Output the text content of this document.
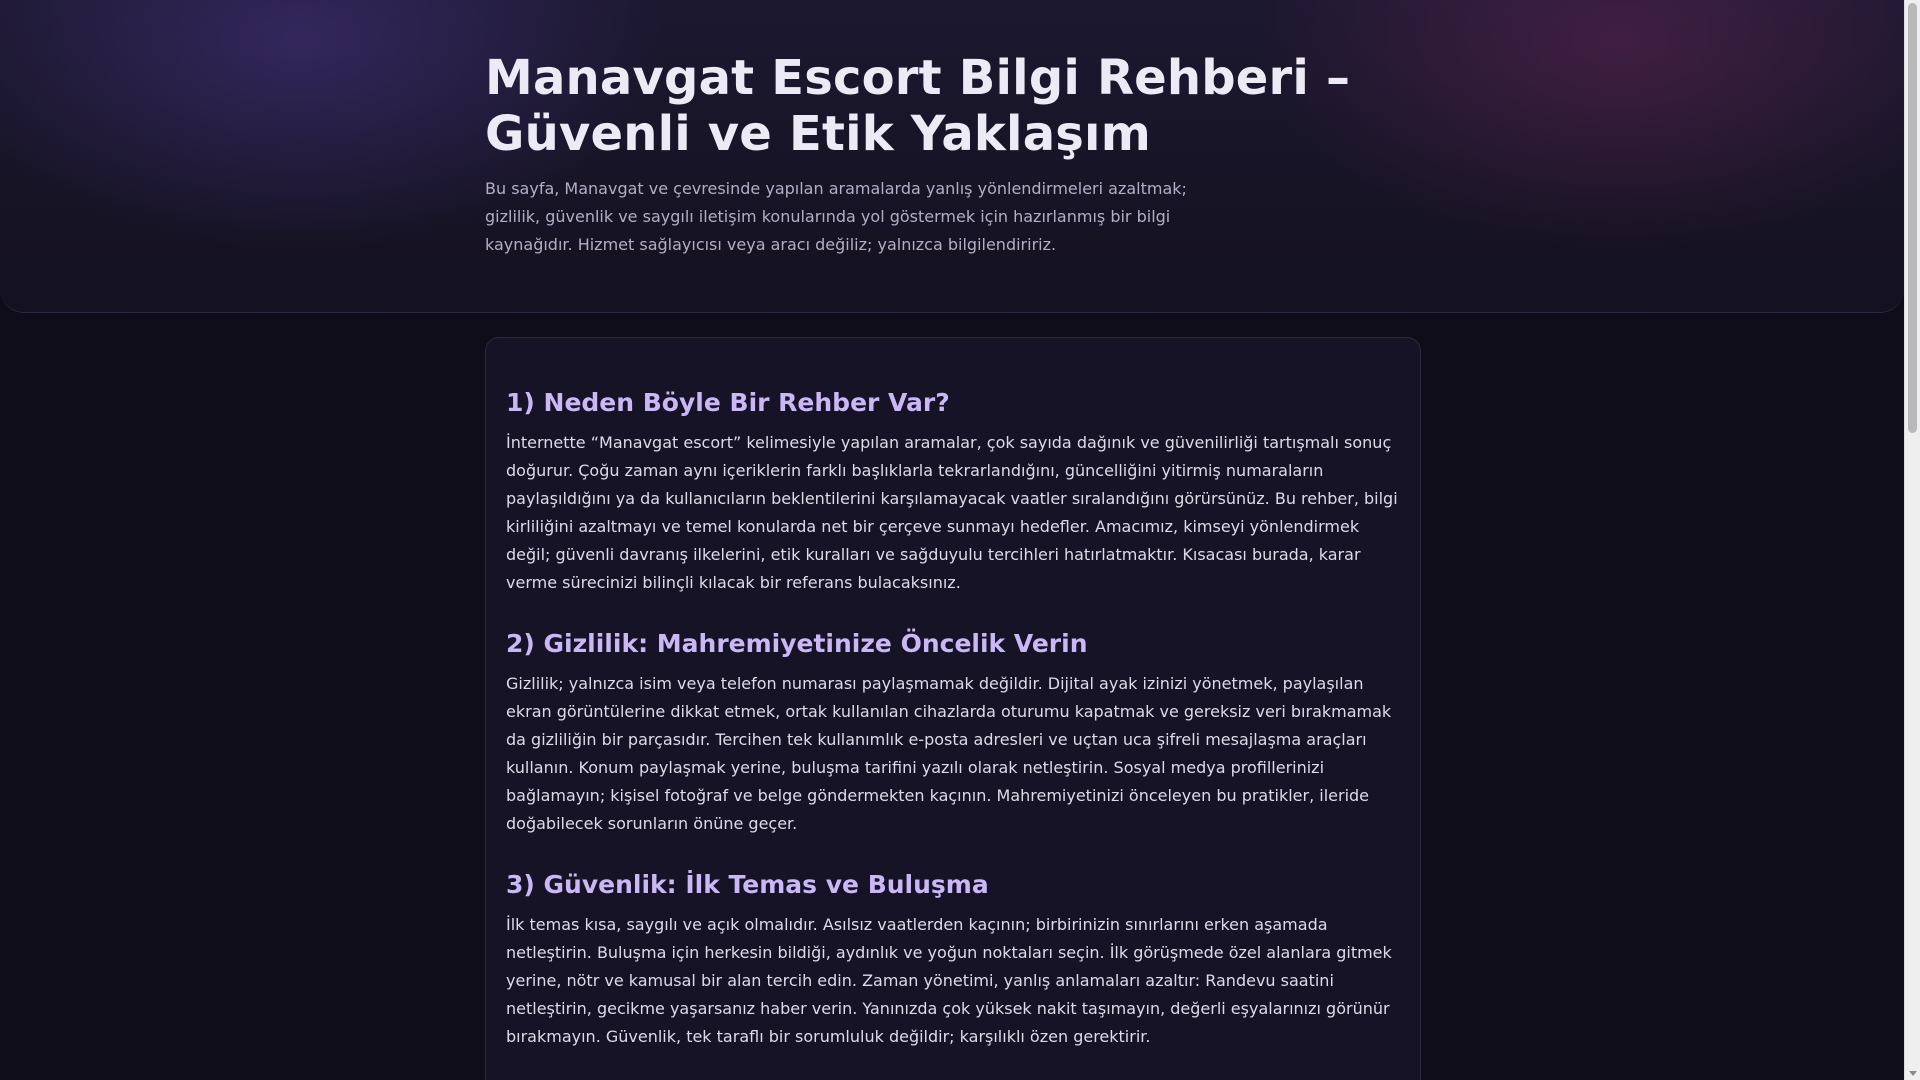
Manavgat Escort Bilgi Rehberi – Güvenli ve Etik Yaklaşım

Bu sayfa, Manavgat ve çevresinde yapılan aramalarda yanlış yönlendirmeleri azaltmak; gizlilik, güvenlik ve saygılı iletişim konularında yol göstermek için hazırlanmış bir bilgi kaynağıdır. Hizmet sağlayıcısı veya aracı değiliz; yalnızca bilgilendiririz.

1) Neden Böyle Bir Rehber Var?

İnternette “Manavgat escort” kelimesiyle yapılan aramalar, çok sayıda dağınık ve güvenilirliği tartışmalı sonuç doğurur. Çoğu zaman aynı içeriklerin farklı başlıklarla tekrarlandığını, güncelliğini yitirmiş numaraların paylaşıldığını ya da kullanıcıların beklentilerini karşılamayacak vaatler sıralandığını görürsünüz. Bu rehber, bilgi kirliliğini azaltmayı ve temel konularda net bir çerçeve sunmayı hedefler. Amacımız, kimseyi yönlendirmek değil; güvenli davranış ilkelerini, etik kuralları ve sağduyulu tercihleri hatırlatmaktır. Kısacası burada, karar verme sürecinizi bilinçli kılacak bir referans bulacaksınız.

2) Gizlilik: Mahremiyetinize Öncelik Verin

Gizlilik; yalnızca isim veya telefon numarası paylaşmamak değildir. Dijital ayak izinizi yönetmek, paylaşılan ekran görüntülerine dikkat etmek, ortak kullanılan cihazlarda oturumu kapatmak ve gereksiz veri bırakmamak da gizliliğin bir parçasıdır. Tercihen tek kullanımlık e-posta adresleri ve uçtan uca şifreli mesajlaşma araçları kullanın. Konum paylaşmak yerine, buluşma tarifini yazılı olarak netleştirin. Sosyal medya profillerinizi bağlamayın; kişisel fotoğraf ve belge göndermekten kaçının. Mahremiyetinizi önceleyen bu pratikler, ileride doğabilecek sorunların önüne geçer.

3) Güvenlik: İlk Temas ve Buluşma

İlk temas kısa, saygılı ve açık olmalıdır. Asılsız vaatlerden kaçının; birbirinizin sınırlarını erken aşamada netleştirin. Buluşma için herkesin bildiği, aydınlık ve yoğun noktaları seçin. İlk görüşmede özel alanlara gitmek yerine, nötr ve kamusal bir alan tercih edin. Zaman yönetimi, yanlış anlamaları azaltır: Randevu saatini netleştirin, gecikme yaşarsanız haber verin. Yanınızda çok yüksek nakit taşımayın, değerli eşyalarınızı görünür bırakmayın. Güvenlik, tek taraflı bir sorumluluk değildir; karşılıklı özen gerektirir.
